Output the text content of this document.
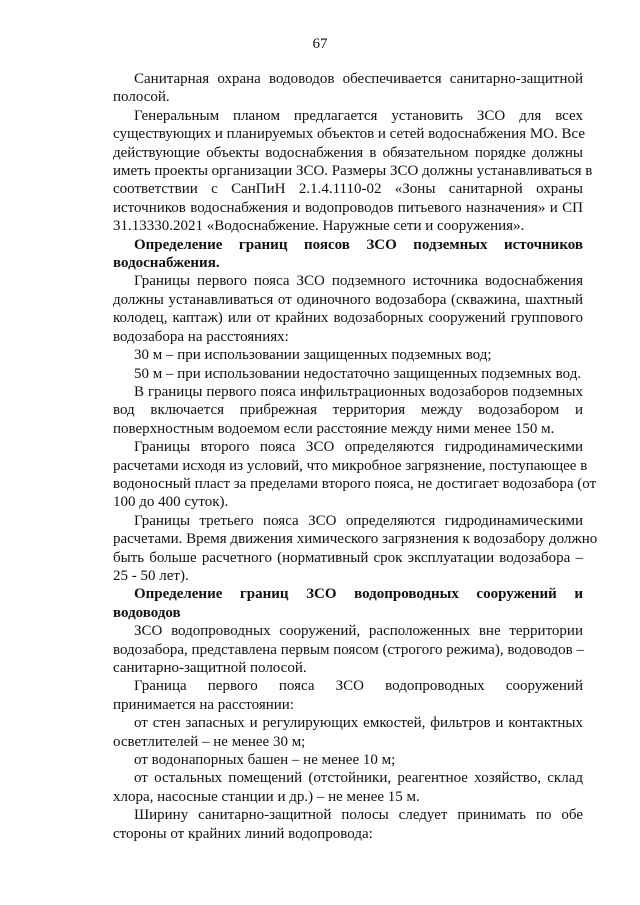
67
Санитарная охрана водоводов обеспечивается санитарно-защитной
полосой.
Генеральным планом предлагается установить ЗСО для всех
существующих и планируемых объектов и сетей водоснабжения МО. Все
действующие объекты водоснабжения в обязательном порядке должны
иметь проекты организации ЗСО. Размеры ЗСО должны устанавливаться в
соответствии с СанПиН 2.1.4.1110-02 «Зоны санитарной охраны
источников водоснабжения и водопроводов питьевого назначения» и СП
31.13330.2021 «Водоснабжение. Наружные сети и сооружения».
Определение границ поясов ЗСО подземных источников
водоснабжения.
Границы первого пояса ЗСО подземного источника водоснабжения
должны устанавливаться от одиночного водозабора (скважина, шахтный
колодец, каптаж) или от крайних водозаборных сооружений группового
водозабора на расстояниях:
30 м – при использовании защищенных подземных вод;
50 м – при использовании недостаточно защищенных подземных вод.
В границы первого пояса инфильтрационных водозаборов подземных
вод включается прибрежная территория между водозабором и
поверхностным водоемом если расстояние между ними менее 150 м.
Границы второго пояса ЗСО определяются гидродинамическими
расчетами исходя из условий, что микробное загрязнение, поступающее в
водоносный пласт за пределами второго пояса, не достигает водозабора (от
100 до 400 суток).
Границы третьего пояса ЗСО определяются гидродинамическими
расчетами. Время движения химического загрязнения к водозабору должно
быть больше расчетного (нормативный срок эксплуатации водозабора –
25 - 50 лет).
Определение границ ЗСО водопроводных сооружений и
водоводов
ЗСО водопроводных сооружений, расположенных вне территории
водозабора, представлена первым поясом (строгого режима), водоводов –
санитарно-защитной полосой.
Граница первого пояса ЗСО водопроводных сооружений
принимается на расстоянии:
от стен запасных и регулирующих емкостей, фильтров и контактных
осветлителей – не менее 30 м;
от водонапорных башен – не менее 10 м;
от остальных помещений (отстойники, реагентное хозяйство, склад
хлора, насосные станции и др.) – не менее 15 м.
Ширину санитарно-защитной полосы следует принимать по обе
стороны от крайних линий водопровода:
